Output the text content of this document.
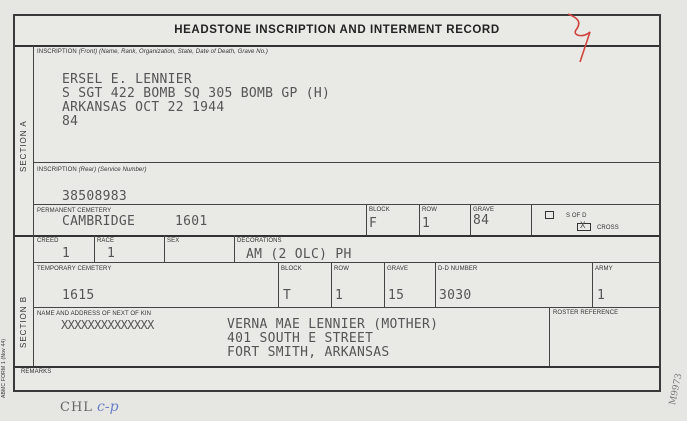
HEADSTONE INSCRIPTION AND INTERMENT RECORD
SECTION A
SECTION B
INSCRIPTION (Front) (Name, Rank, Organization, State, Date of Death, Grave No.)
ERSEL E. LENNIER
S SGT 422 BOMB SQ 305 BOMB GP (H)
ARKANSAS OCT 22 1944
84
INSCRIPTION (Rear) (Service Number)
38508983
PERMANENT CEMETERY
CAMBRIDGE	1601
BLOCK
F
ROW
1
GRAVE
84	S OF D
X CROSS
CREED
1
RACE
1
SEX	DECORATIONS
AM (2 OLC) PH
TEMPORARY CEMETERY
1615
BLOCK
T
ROW
1
GRAVE
15
D-D NUMBER
3030
ARMY
1
NAME AND ADDRESS OF NEXT OF KIN
XXXXXXXXXXXXXX	VERNA MAE LENNIER (MOTHER)
401 SOUTH E STREET
FORT SMITH, ARKANSAS
ROSTER REFERENCE
REMARKS
ABMC FORM 1 (Nov 44)
CHL c-p
M9973
